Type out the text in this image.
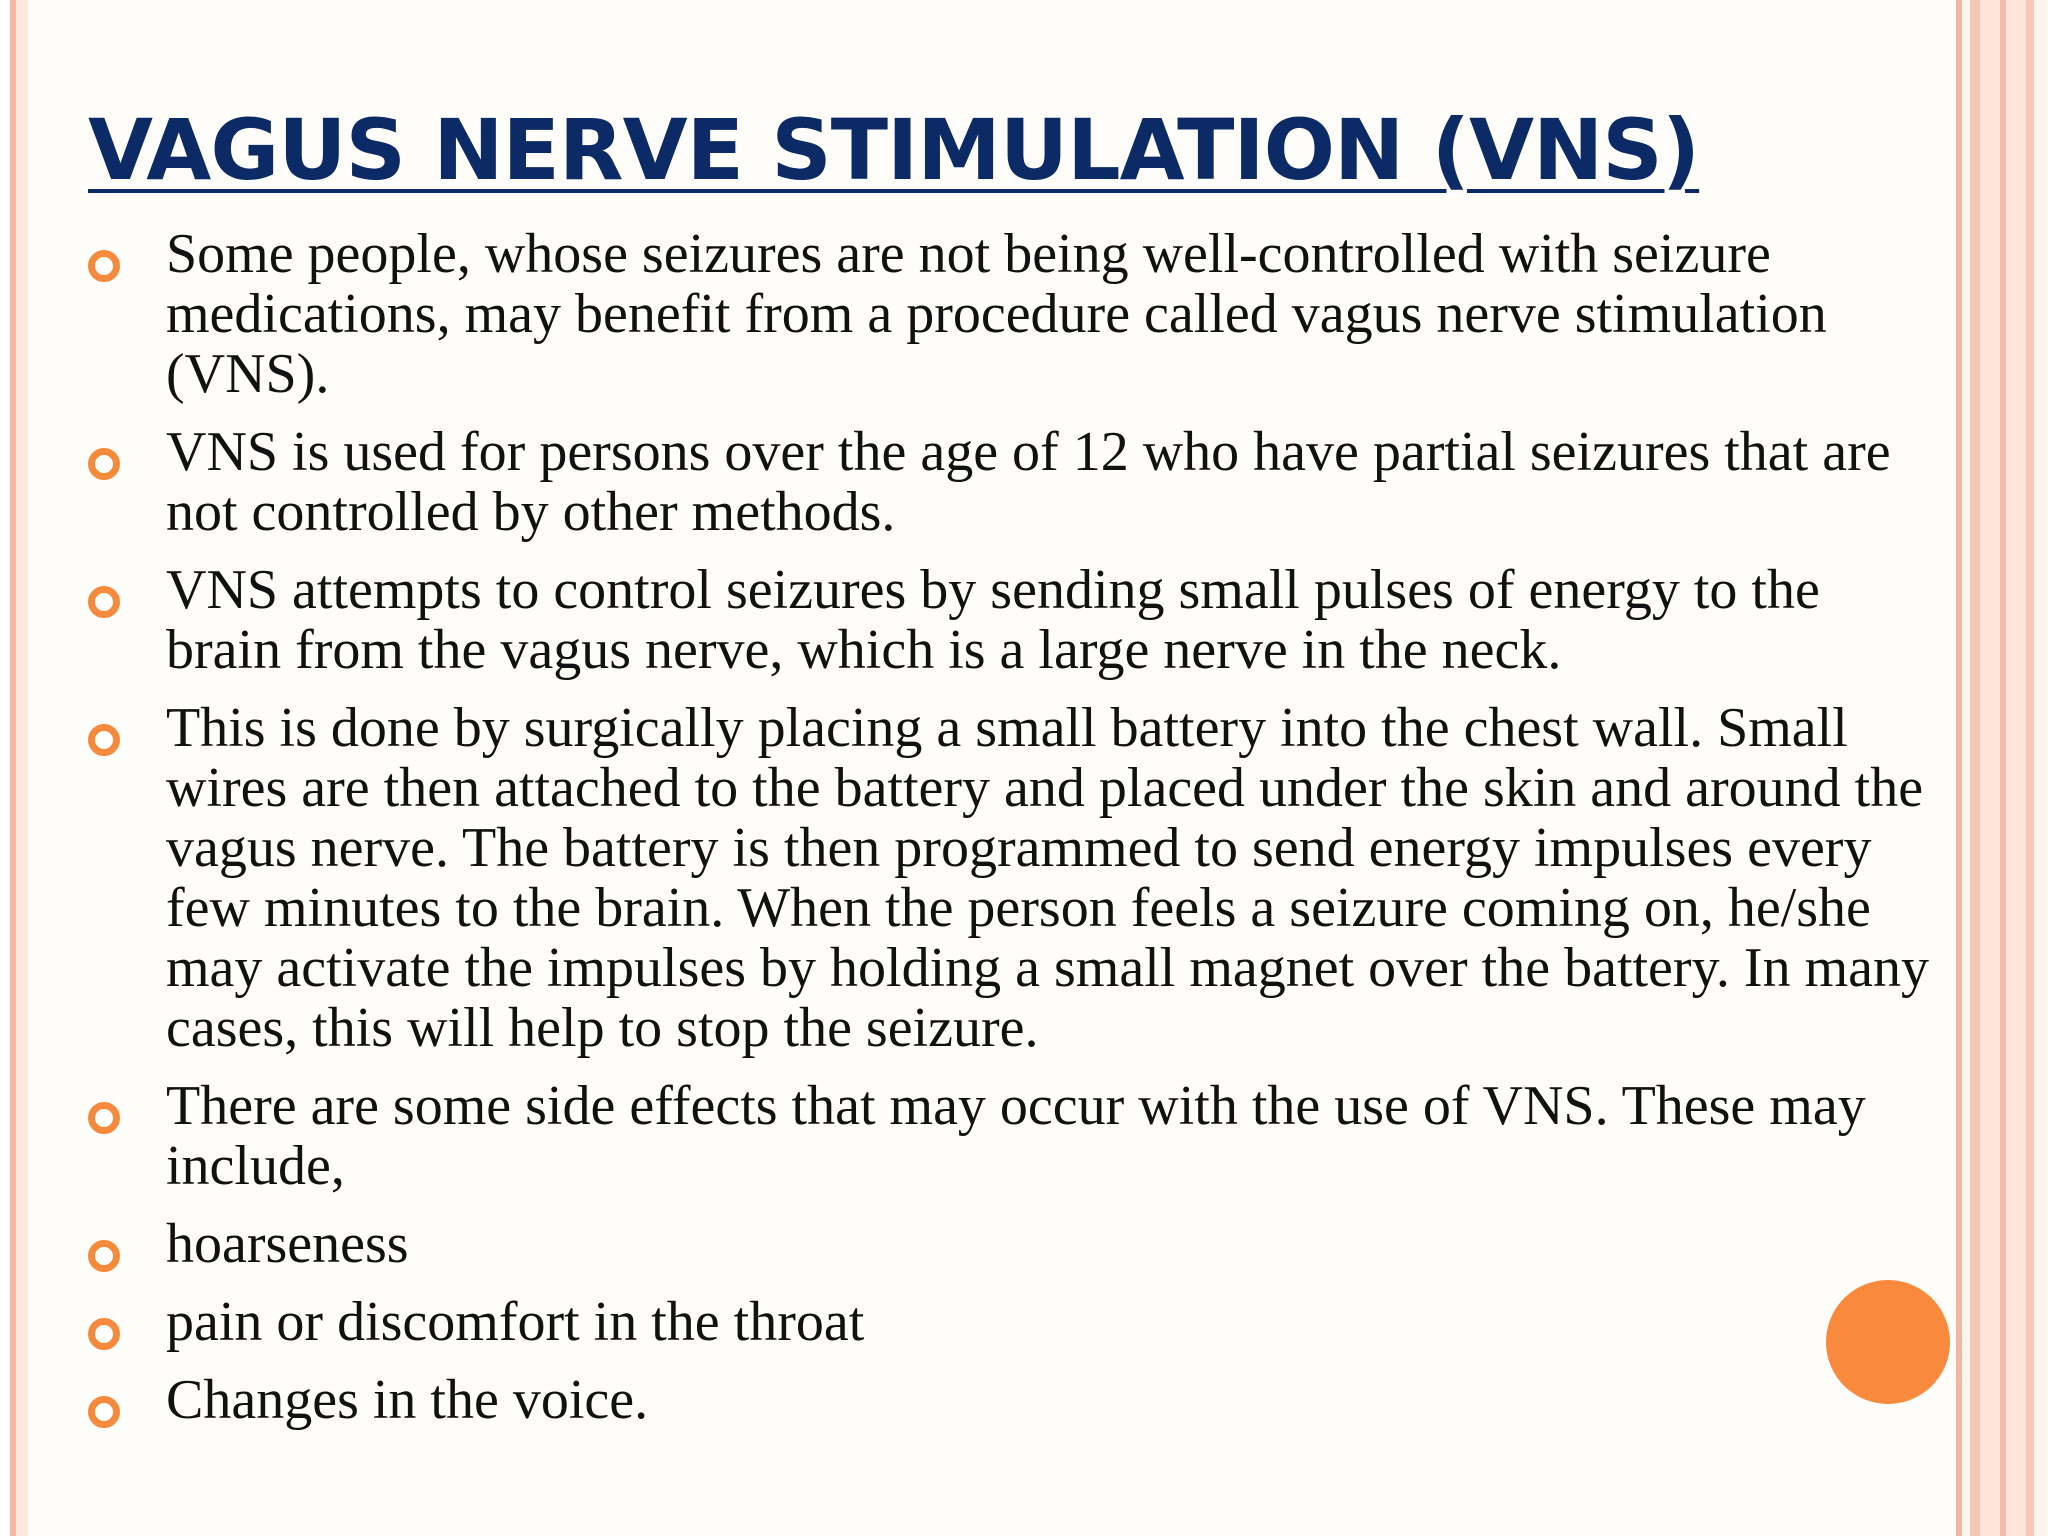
VAGUS NERVE STIMULATION (VNS)
Some people, whose seizures are not being well-controlled with seizure medications, may benefit from a procedure called vagus nerve stimulation (VNS).
VNS is used for persons over the age of 12 who have partial seizures that are not controlled by other methods.
VNS attempts to control seizures by sending small pulses of energy to the brain from the vagus nerve, which is a large nerve in the neck.
This is done by surgically placing a small battery into the chest wall. Small wires are then attached to the battery and placed under the skin and around the vagus nerve. The battery is then programmed to send energy impulses every few minutes to the brain. When the person feels a seizure coming on, he/she may activate the impulses by holding a small magnet over the battery. In many cases, this will help to stop the seizure.
There are some side effects that may occur with the use of VNS. These may include,
hoarseness
pain or discomfort in the throat
Changes in the voice.
